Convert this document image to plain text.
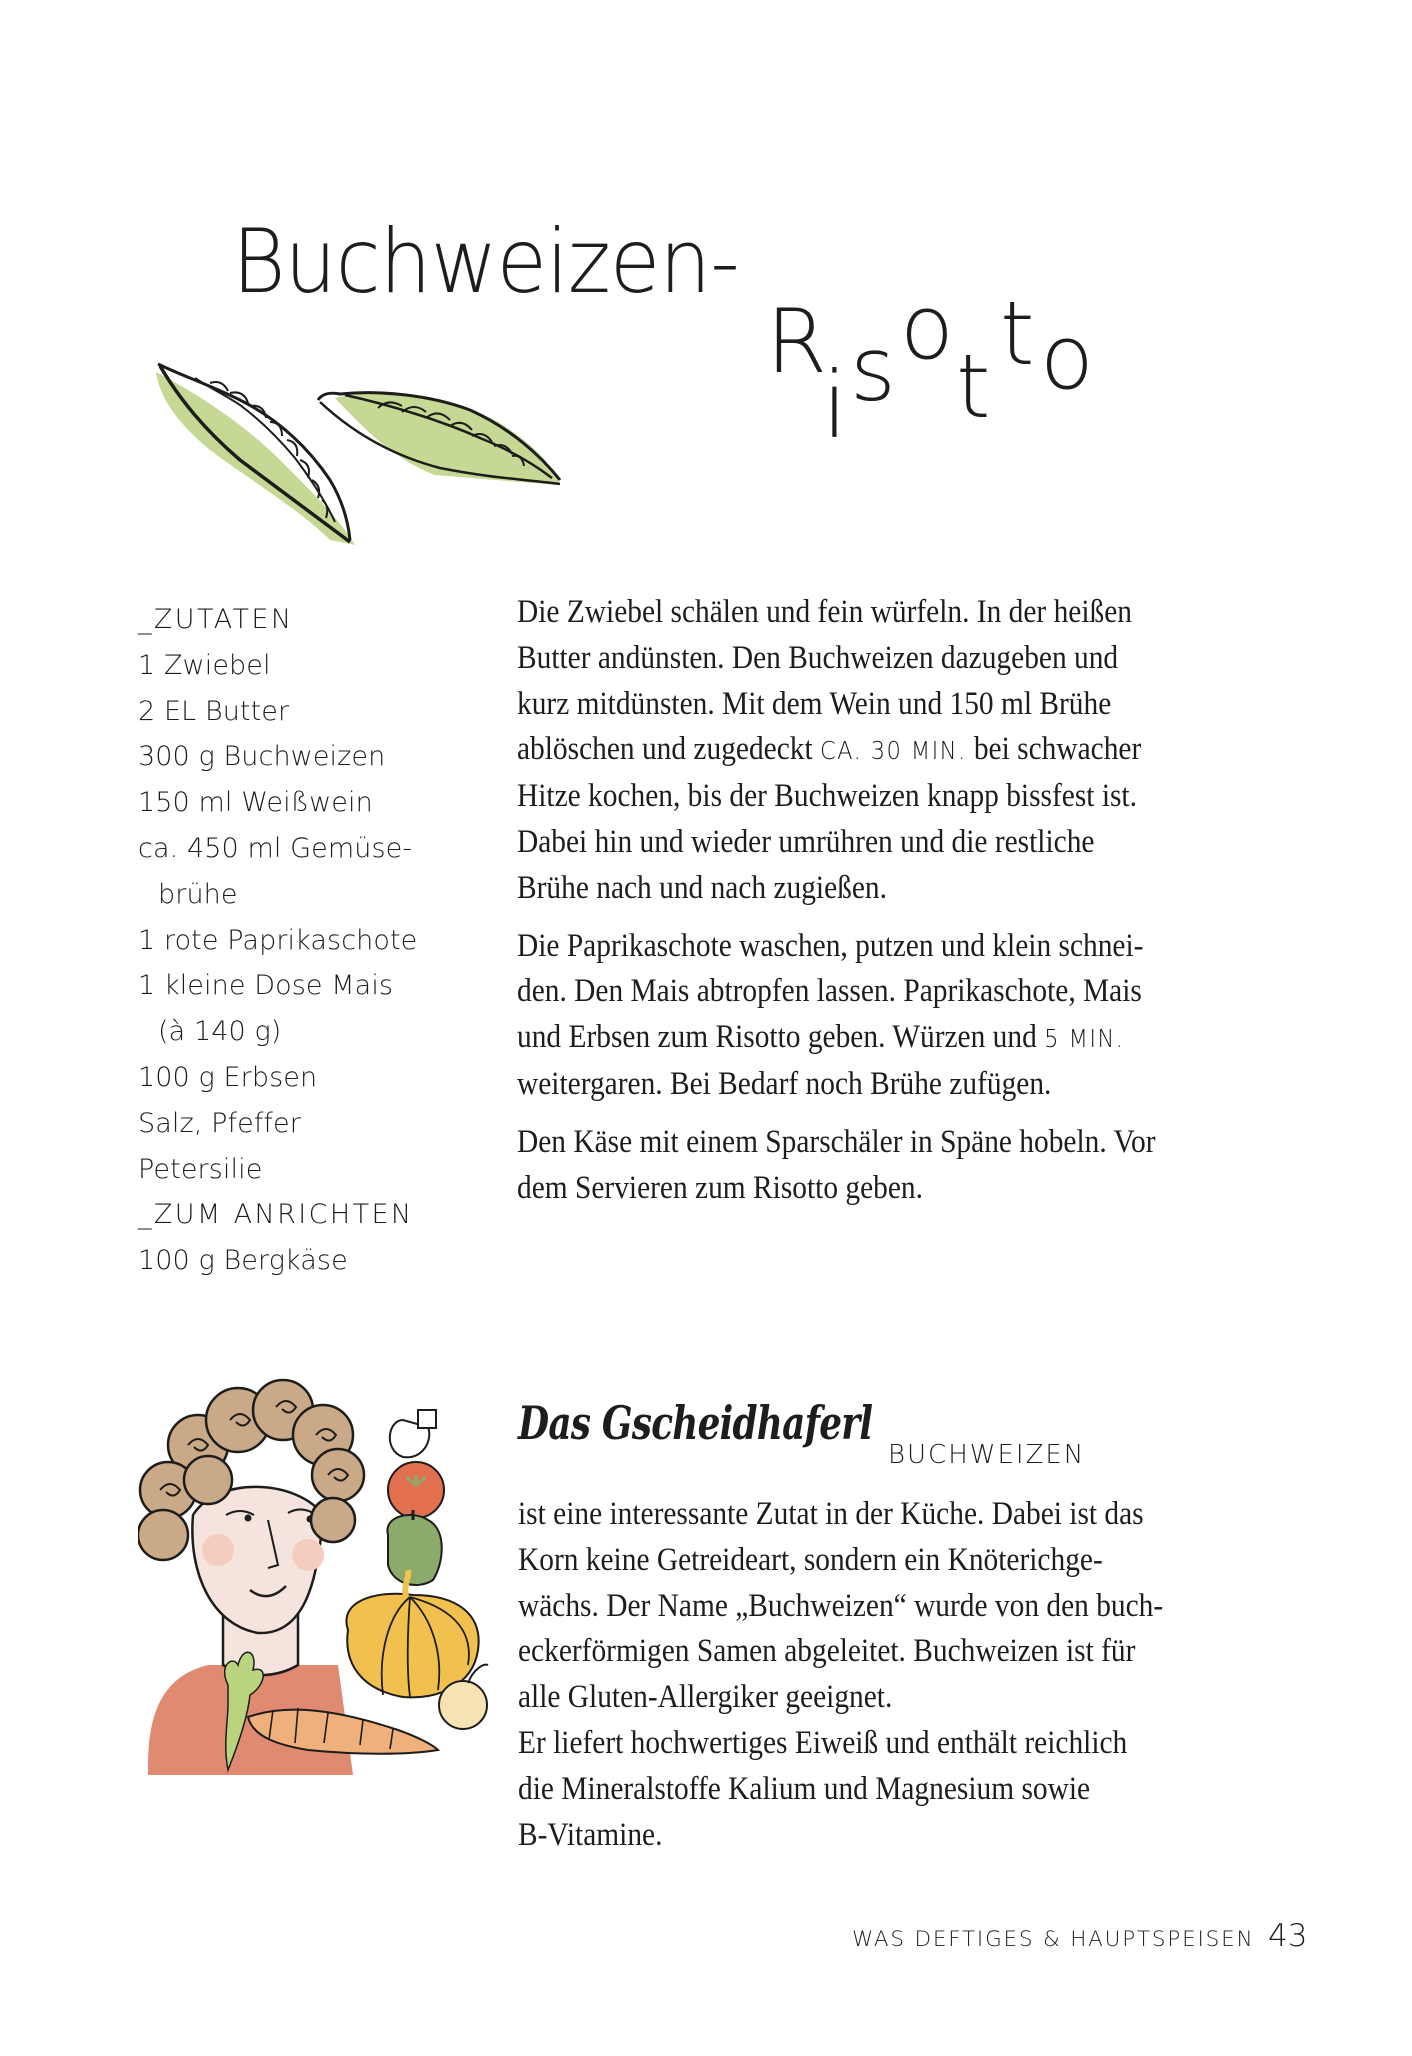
Buchweizen-
R
i s o
t
t o
_ZUTATEN
1 Zwiebel
2 EL Butter
300 g Buchweizen
150 ml Weißwein
ca. 450 ml Gemüse-
brühe
1 rote Paprikaschote
1 kleine Dose Mais
(à 140 g)
100 g Erbsen
Salz, Pfeffer
Petersilie
_ZUM ANRICHTEN
100 g Bergkäse

Die Zwiebel schälen und fein würfeln. In der heißen
Butter andünsten. Den Buchweizen dazugeben und
kurz mitdünsten. Mit dem Wein und 150 ml Brühe
ablöschen und zugedeckt CA. 30 MIN. bei schwacher
Hitze kochen, bis der Buchweizen knapp bissfest ist.
Dabei hin und wieder umrühren und die restliche
Brühe nach und nach zugießen.

Die Paprikaschote waschen, putzen und klein schnei-
den. Den Mais abtropfen lassen. Paprikaschote, Mais
und Erbsen zum Risotto geben. Würzen und 5 MIN.
weitergaren. Bei Bedarf noch Brühe zufügen.

Den Käse mit einem Sparschäler in Späne hobeln. Vor
dem Servieren zum Risotto geben.

Das Gscheidhaferl
BUCHWEIZEN
ist eine interessante Zutat in der Küche. Dabei ist das
Korn keine Getreideart, sondern ein Knöterichge-
wächs. Der Name „Buchweizen“ wurde von den buch-
eckerförmigen Samen abgeleitet. Buchweizen ist für
alle Gluten-Allergiker geeignet.
Er liefert hochwertiges Eiweiß und enthält reichlich
die Mineralstoffe Kalium und Magnesium sowie
B-Vitamine.
WAS DEFTIGES & HAUPTSPEISEN 43
